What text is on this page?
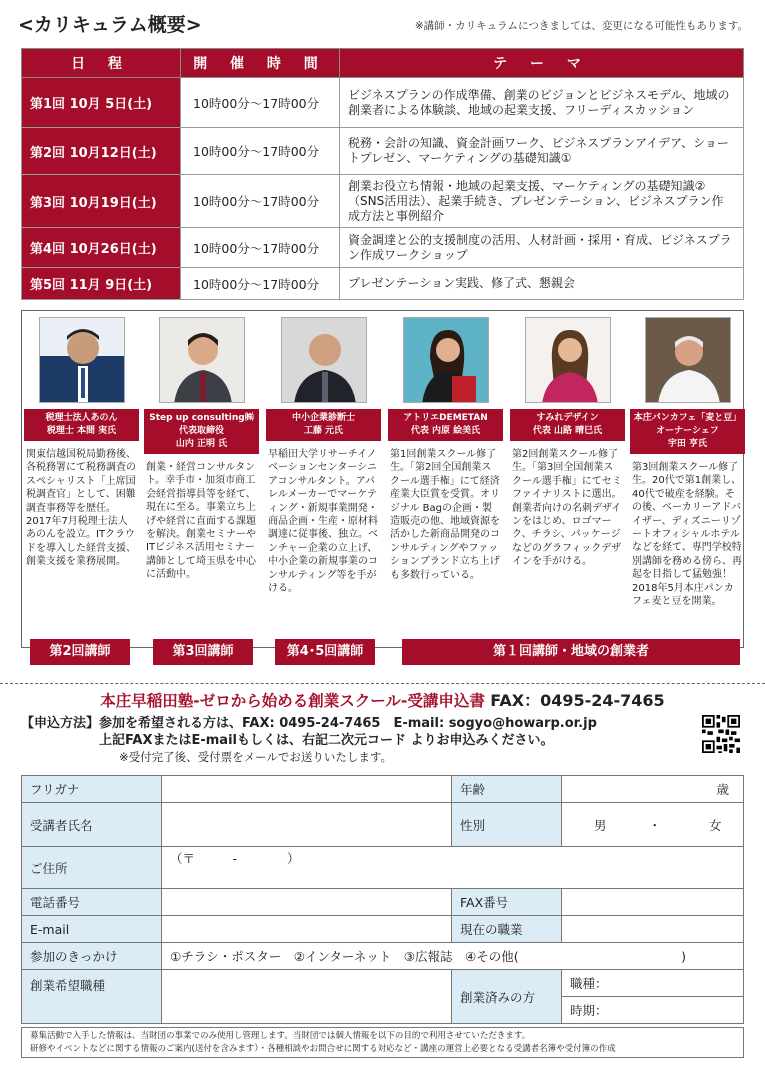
<カリキュラム概要>	※講師・カリキュラムにつきましては、変更になる可能性もあります。
日 程	開 催 時 間	テ ー マ
第1回 10月 5日(土)	10時00分～17時00分	ビジネスプランの作成準備、創業のビジョンとビジネスモデル、地域の創業者による体験談、地域の起業支援、フリーディスカッション
第2回 10月12日(土)	10時00分～17時00分	税務・会計の知識、資金計画ワーク、ビジネスプランアイデア、ショートプレゼン、マーケティングの基礎知識①
第3回 10月19日(土)	10時00分～17時00分	創業お役立ち情報・地域の起業支援、マーケティングの基礎知識②（SNS活用法）、起業手続き、プレゼンテーション、ビジネスプラン作成方法と事例紹介
第4回 10月26日(土)	10時00分～17時00分	資金調達と公的支援制度の活用、人材計画・採用・育成、ビジネスプラン作成ワークショップ
第5回 11月 9日(土)	10時00分～17時00分	プレゼンテーション実践、修了式、懇親会
税理士法人あのん
税理士 本間 実氏
関東信越国税局勤務後、各税務署にて税務調査のスペシャリスト「上席国税調査官」として、困難調査事務等を歴任。2017年7月税理士法人あのんを設立。ITクラウドを導入した経営支援、創業支援を業務展開。
Step up consulting㈱ 代表取締役
山内 正明 氏
創業・経営コンサルタント。幸手市・加須市商工会経営指導員等を経て、現在に至る。事業立ち上げや経営に直面する課題を解決。創業セミナーやITビジネス活用セミナー講師として埼玉県を中心に活動中。
中小企業診断士
工藤 元氏
早稲田大学リサーチイノベーションセンターシニアコンサルタント。アパレルメーカーでマーケティング・新規事業開発・商品企画・生産・原材料調達に従事後、独立。ベンチャー企業の立上げ、中小企業の新規事業のコンサルティング等を手がける。
アトリエDEMETAN
代表 内原 絵美氏
第1回創業スクール修了生。「第2回全国創業スクール選手権」にて経済産業大臣賞を受賞。オリジナル Bagの企画・製造販売の他、地域資源を活かした新商品開発のコンサルティングやファッションブランド立ち上げも多数行っている。
すみれデザイン
代表 山路 晴巳氏
第2回創業スクール修了生。「第3回全国創業スクール選手権」にてセミファイナリストに選出。創業者向けの名刺デザインをはじめ、ロゴマーク、チラシ、パッケージなどのグラフィックデザインを手がける。
本庄パンカフェ「麦と豆」オーナーシェフ
宇田 亨氏
第3回創業スクール修了生。20代で第1創業し、40代で破産を経験。その後、ベーカリーアドバイザー、ディズニーリゾートオフィシャルホテルなどを経て、専門学校特別講師を務める傍ら、再起を目指して猛勉強！2018年5月本庄パンカフェ麦と豆を開業。
第2回講師	第3回講師	第4･5回講師	第１回講師・地域の創業者
本庄早稲田塾-ゼロから始める創業スクール-受講申込書 FAX：0495-24-7465
【申込方法】参加を希望される方は、FAX: 0495-24-7465　E-mail: sogyo@howarp.or.jp
上記FAXまたはE-mailもしくは、右記二次元コード よりお申込みください。
※受付完了後、受付票をメールでお送りいたします。
フリガナ		年齢	歳
受講者氏名		性別	男 ・ 女
ご住所	（〒　　　-　　　　）		
電話番号		FAX番号	
E-mail		現在の職業	
参加のきっかけ	①チラシ・ポスター　②インターネット　③広報誌　④その他(　　　　　　　　　　　　　)		
創業希望職種		創業済みの方	職種：
			時期：
募集活動で入手した情報は、当財団の事業でのみ使用し管理します。当財団では個人情報を以下の目的で利用させていただきます。
研修やイベントなどに関する情報のご案内(送付を含みます）・各種相談やお問合せに関する対応など・講座の運営上必要となる受講者名簿や受付簿の作成
